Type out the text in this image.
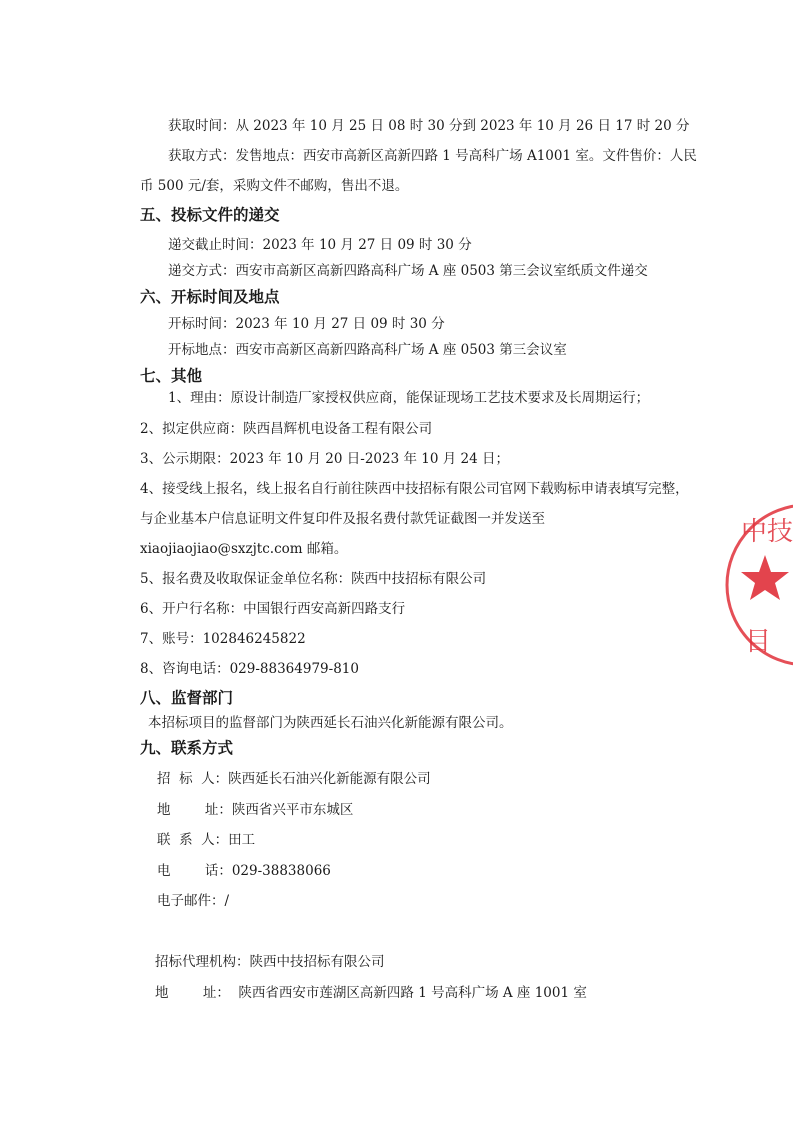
获取时间：从 2023 年 10 月 25 日 08 时 30 分到 2023 年 10 月 26 日 17 时 20 分
获取方式：发售地点：西安市高新区高新四路 1 号高科广场 A1001 室。文件售价：人民
币 500 元/套，采购文件不邮购，售出不退。
五、投标文件的递交
递交截止时间：2023 年 10 月 27 日 09 时 30 分
递交方式：西安市高新区高新四路高科广场 A 座 0503 第三会议室纸质文件递交
六、开标时间及地点
开标时间：2023 年 10 月 27 日 09 时 30 分
开标地点：西安市高新区高新四路高科广场 A 座 0503 第三会议室
七、其他
1、理由：原设计制造厂家授权供应商，能保证现场工艺技术要求及长周期运行；
2、拟定供应商：陕西昌辉机电设备工程有限公司
3、公示期限：2023 年 10 月 20 日-2023 年 10 月 24 日；
4、接受线上报名，线上报名自行前往陕西中技招标有限公司官网下载购标申请表填写完整，
与企业基本户信息证明文件复印件及报名费付款凭证截图一并发送至
xiaojiaojiao@sxzjtc.com 邮箱。
5、报名费及收取保证金单位名称：陕西中技招标有限公司
6、开户行名称：中国银行西安高新四路支行
7、账号：102846245822
8、咨询电话：029-88364979-810
八、监督部门
本招标项目的监督部门为陕西延长石油兴化新能源有限公司。
九、联系方式
招  标  人：陕西延长石油兴化新能源有限公司
地        址：陕西省兴平市东城区
联  系  人：田工
电        话：029-38838066
电子邮件：/
招标代理机构：陕西中技招标有限公司
地        址：  陕西省西安市莲湖区高新四路 1 号高科广场 A 座 1001 室
中技
目
